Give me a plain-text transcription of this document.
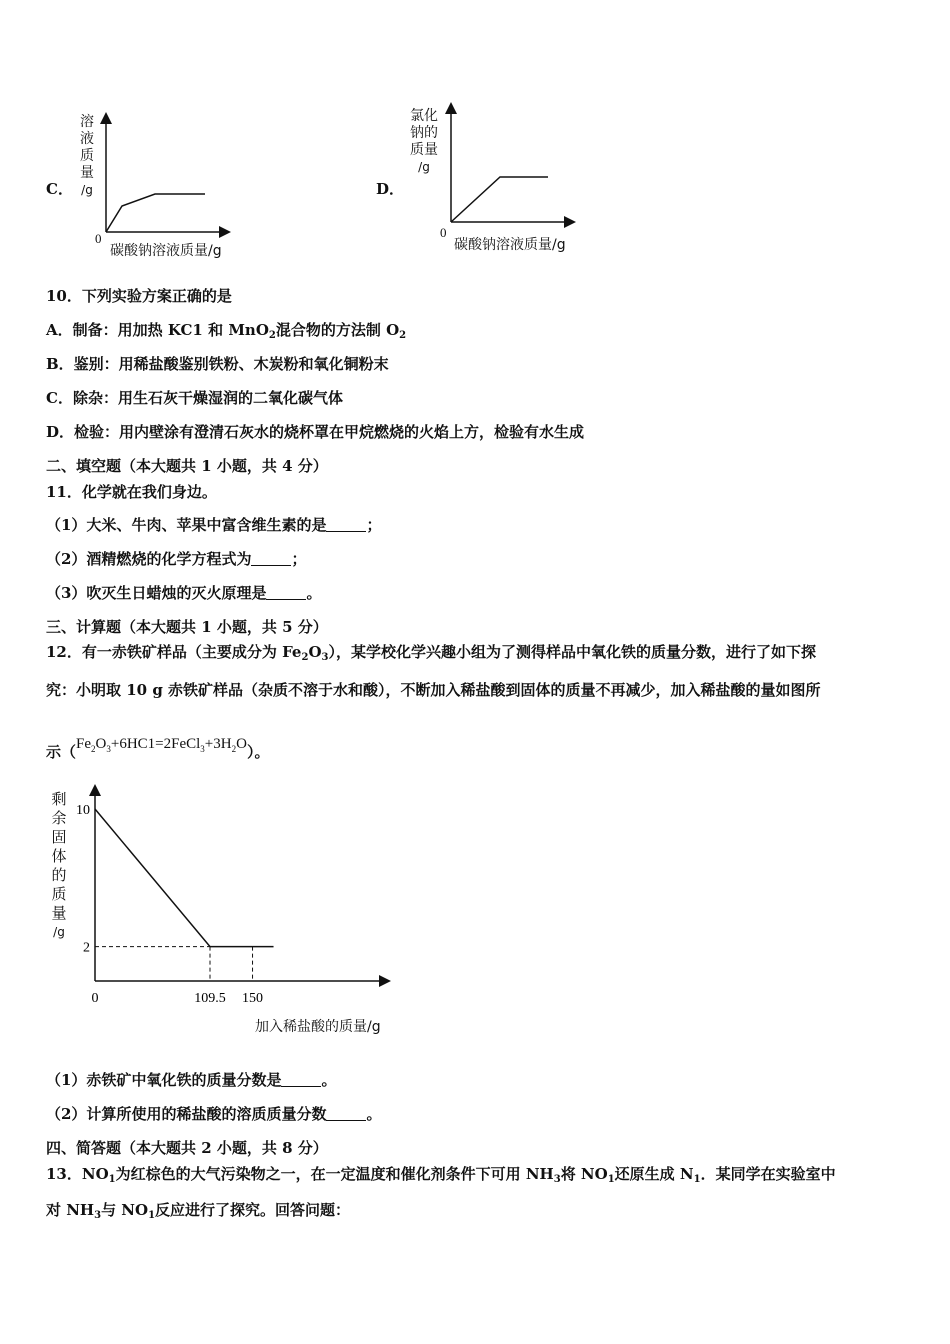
C．
溶
液
质
量
/g
0
碳酸钠溶液质量/g
D．
氯化
钠的
质量
/g
0
碳酸钠溶液质量/g
10．下列实验方案正确的是
A．制备：用加热 KC1 和 MnO$_2$混合物的方法制 $O_2$
B．鉴别：用稀盐酸鉴别铁粉、木炭粉和氧化铜粉末
C．除杂：用生石灰干燥湿润的二氧化碳气体
D．检验：用内壁涂有澄清石灰水的烧杯罩在甲烷燃烧的火焰上方，检验有水生成
二、填空题（本大题共 1 小题，共 4 分）
11．化学就在我们身边。
（1）大米、牛肉、苹果中富含维生素的是	；
（2）酒精燃烧的化学方程式为	；
（3）吹灭生日蜡烛的灭火原理是	。
三、计算题（本大题共 1 小题，共 5 分）
12．有一赤铁矿样品（主要成分为 $Fe_2O_3$），某学校化学兴趣小组为了测得样品中氧化铁的质量分数，进行了如下探
究：小明取 10 g 赤铁矿样品（杂质不溶于水和酸），不断加入稀盐酸到固体的质量不再减少，加入稀盐酸的量如图所
示$(Fe_2O_3+6HC1=2FeCl_3+3H_2O)$。
剩
余
固
体
的
质
量
/g
0	109.5 150
10
2
加入稀盐酸的质量/g
（1）赤铁矿中氧化铁的质量分数是	。
（2）计算所使用的稀盐酸的溶质质量分数	。
四、简答题（本大题共 2 小题，共 8 分）
13．$NO_1$为红棕色的大气污染物之一，在一定温度和催化剂条件下可用 $NH_3$将 $NO_1$还原生成 $N_1$．某同学在实验室中
对 $NH_3$与 $NO_1$反应进行了探究。回答问题：
